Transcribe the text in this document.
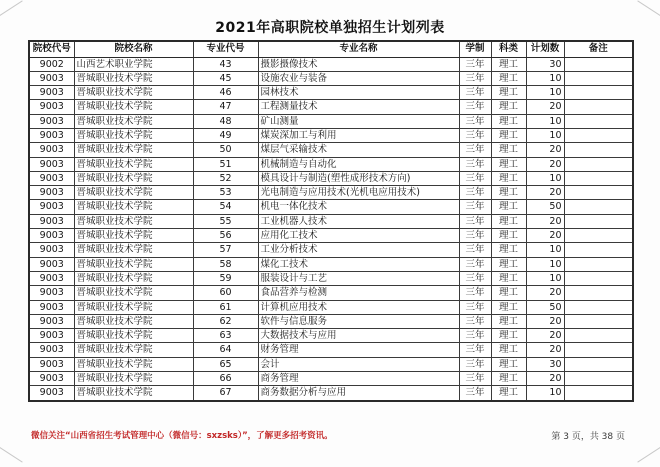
2021年高职院校单独招生计划列表
院校代号	院校名称	专业代号	专业名称	学制	科类	计划数	备注
9002	山西艺术职业学院	43	摄影摄像技术	三年	理工	30	
9003	晋城职业技术学院	45	设施农业与装备	三年	理工	10	
9003	晋城职业技术学院	46	园林技术	三年	理工	10	
9003	晋城职业技术学院	47	工程测量技术	三年	理工	20	
9003	晋城职业技术学院	48	矿山测量	三年	理工	10	
9003	晋城职业技术学院	49	煤炭深加工与利用	三年	理工	10	
9003	晋城职业技术学院	50	煤层气采输技术	三年	理工	20	
9003	晋城职业技术学院	51	机械制造与自动化	三年	理工	20	
9003	晋城职业技术学院	52	模具设计与制造(塑性成形技术方向)	三年	理工	10	
9003	晋城职业技术学院	53	光电制造与应用技术(光机电应用技术)	三年	理工	20	
9003	晋城职业技术学院	54	机电一体化技术	三年	理工	50	
9003	晋城职业技术学院	55	工业机器人技术	三年	理工	20	
9003	晋城职业技术学院	56	应用化工技术	三年	理工	20	
9003	晋城职业技术学院	57	工业分析技术	三年	理工	10	
9003	晋城职业技术学院	58	煤化工技术	三年	理工	10	
9003	晋城职业技术学院	59	服装设计与工艺	三年	理工	10	
9003	晋城职业技术学院	60	食品营养与检测	三年	理工	20	
9003	晋城职业技术学院	61	计算机应用技术	三年	理工	50	
9003	晋城职业技术学院	62	软件与信息服务	三年	理工	20	
9003	晋城职业技术学院	63	大数据技术与应用	三年	理工	20	
9003	晋城职业技术学院	64	财务管理	三年	理工	20	
9003	晋城职业技术学院	65	会计	三年	理工	30	
9003	晋城职业技术学院	66	商务管理	三年	理工	20	
9003	晋城职业技术学院	67	商务数据分析与应用	三年	理工	10	
微信关注“山西省招生考试管理中心（微信号：sxzsks）”，了解更多招考资讯。	第 3 页，共 38 页
